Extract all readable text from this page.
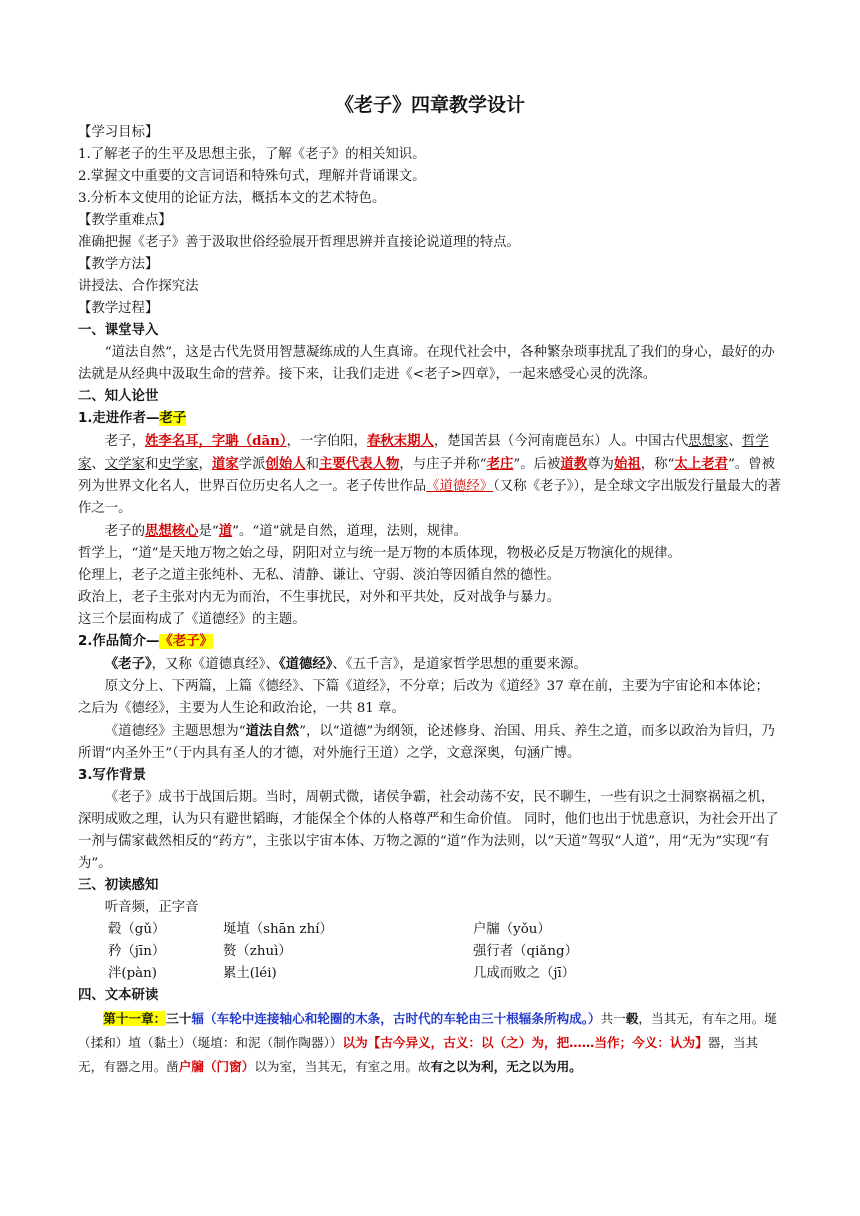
《老子》四章教学设计

【学习目标】

1.了解老子的生平及思想主张，了解《老子》的相关知识。

2.掌握文中重要的文言词语和特殊句式，理解并背诵课文。

3.分析本文使用的论证方法，概括本文的艺术特色。

【教学重难点】

准确把握《老子》善于汲取世俗经验展开哲理思辨并直接论说道理的特点。

【教学方法】

讲授法、合作探究法

【教学过程】

一、课堂导入

“道法自然”，这是古代先贤用智慧凝练成的人生真谛。在现代社会中，各种繁杂琐事扰乱了我们的身心，最好的办法就是从经典中汲取生命的营养。接下来，让我们走进《<老子>四章》，一起来感受心灵的洗涤。

二、知人论世

1.走进作者—老子

老子，姓李名耳，字聃（dān），一字伯阳，春秋末期人，楚国苦县（今河南鹿邑东）人。中国古代思想家、哲学家、文学家和史学家，道家学派创始人和主要代表人物，与庄子并称“老庄”。后被道教尊为始祖，称“太上老君”。曾被列为世界文化名人，世界百位历史名人之一。老子传世作品《道德经》（又称《老子》），是全球文字出版发行量最大的著作之一。

老子的思想核心是“道”。“道”就是自然，道理，法则，规律。

哲学上，“道”是天地万物之始之母，阴阳对立与统一是万物的本质体现，物极必反是万物演化的规律。

伦理上，老子之道主张纯朴、无私、清静、谦让、守弱、淡泊等因循自然的德性。

政治上，老子主张对内无为而治，不生事扰民，对外和平共处，反对战争与暴力。

这三个层面构成了《道德经》的主题。

2.作品简介—《老子》

《老子》，又称《道德真经》、《道德经》、《五千言》，是道家哲学思想的重要来源。

原文分上、下两篇，上篇《德经》、下篇《道经》，不分章；后改为《道经》37 章在前，主要为宇宙论和本体论；之后为《德经》，主要为人生论和政治论，一共 81 章。

《道德经》主题思想为“道法自然”，以“道德”为纲领，论述修身、治国、用兵、养生之道，而多以政治为旨归，乃所谓“内圣外王”（于内具有圣人的才德，对外施行王道）之学，文意深奥，句涵广博。

3.写作背景

《老子》成书于战国后期。当时，周朝式微，诸侯争霸，社会动荡不安，民不聊生，一些有识之士洞察祸福之机，深明成败之理，认为只有避世韬晦，才能保全个体的人格尊严和生命价值。 同时，他们也出于忧患意识，为社会开出了一剂与儒家截然相反的“药方”，主张以宇宙本体、万物之源的“道”作为法则，以“天道”驾驭“人道”，用“无为”实现“有为”。

三、初读感知

听音频，正字音

毂（gǔ）	埏埴（shān zhí）	户牖（yǒu）
矜（jīn）	赘（zhuì）	强行者（qiǎng）
泮(pàn)	累土(léi)	几成而败之（jī）

四、文本研读

第十一章：三十辐（车轮中连接轴心和轮圈的木条，古时代的车轮由三十根辐条所构成。）共一毂，当其无，有车之用。埏（揉和）埴（黏土）（埏埴：和泥（制作陶器））以为【古今异义，古义：以（之）为，把……当作；今义：认为】器，当其无，有器之用。凿户牖（门窗）以为室，当其无，有室之用。故有之以为利，无之以为用。
